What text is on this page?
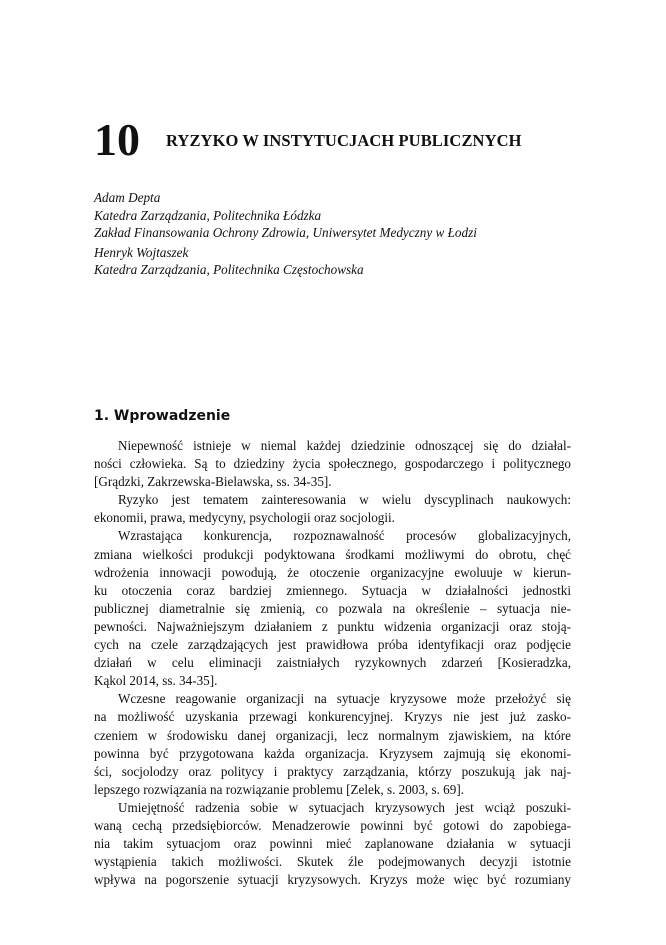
10 RYZYKO W INSTYTUCJACH PUBLICZNYCH
Adam Depta
Katedra Zarządzania, Politechnika Łódzka
Zakład Finansowania Ochrony Zdrowia, Uniwersytet Medyczny w Łodzi
Henryk Wojtaszek
Katedra Zarządzania, Politechnika Częstochowska
1. Wprowadzenie
Niepewność istnieje w niemal każdej dziedzinie odnoszącej się do działal-
ności człowieka. Są to dziedziny życia społecznego, gospodarczego i politycznego
[Grądzki, Zakrzewska-Bielawska, ss. 34-35].
Ryzyko jest tematem zainteresowania w wielu dyscyplinach naukowych:
ekonomii, prawa, medycyny, psychologii oraz socjologii.
Wzrastająca konkurencja, rozpoznawalność procesów globalizacyjnych,
zmiana wielkości produkcji podyktowana środkami możliwymi do obrotu, chęć
wdrożenia innowacji powodują, że otoczenie organizacyjne ewoluuje w kierun-
ku otoczenia coraz bardziej zmiennego. Sytuacja w działalności jednostki
publicznej diametralnie się zmienią, co pozwala na określenie – sytuacja nie-
pewności. Najważniejszym działaniem z punktu widzenia organizacji oraz stoją-
cych na czele zarządzających jest prawidłowa próba identyfikacji oraz podjęcie
działań w celu eliminacji zaistniałych ryzykownych zdarzeń [Kosieradzka,
Kąkol 2014, ss. 34-35].
Wczesne reagowanie organizacji na sytuacje kryzysowe może przełożyć się
na możliwość uzyskania przewagi konkurencyjnej. Kryzys nie jest już zasko-
czeniem w środowisku danej organizacji, lecz normalnym zjawiskiem, na które
powinna być przygotowana każda organizacja. Kryzysem zajmują się ekonomi-
ści, socjolodzy oraz politycy i praktycy zarządzania, którzy poszukują jak naj-
lepszego rozwiązania na rozwiązanie problemu [Zelek, s. 2003, s. 69].
Umiejętność radzenia sobie w sytuacjach kryzysowych jest wciąż poszuki-
waną cechą przedsiębiorców. Menadzerowie powinni być gotowi do zapobiega-
nia takim sytuacjom oraz powinni mieć zaplanowane działania w sytuacji
wystąpienia takich możliwości. Skutek źle podejmowanych decyzji istotnie
wpływa na pogorszenie sytuacji kryzysowych. Kryzys może więc być rozumiany
